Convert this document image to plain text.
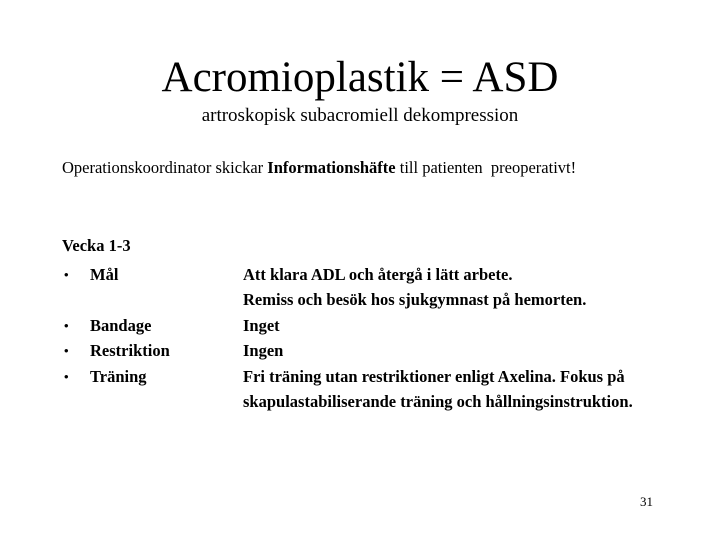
Acromioplastik = ASD
artroskopisk subacromiell dekompression
Operationskoordinator skickar Informationshäfte till patienten  preoperativt!
Vecka 1-3
•	Mål	Att klara ADL och återgå i lätt arbete.
Remiss och besök hos sjukgymnast på hemorten.
•	Bandage	Inget
•	Restriktion	Ingen
•	Träning	Fri träning utan restriktioner enligt Axelina. Fokus på
skapulastabiliserande träning och hållningsinstruktion.
31
